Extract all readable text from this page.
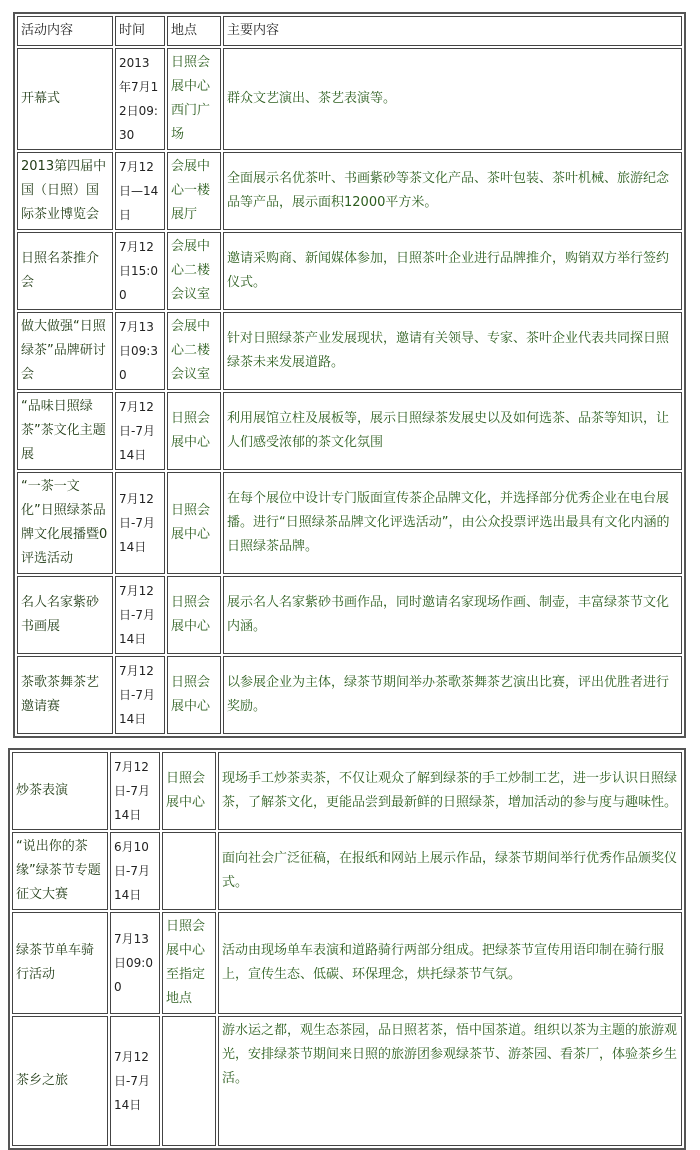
活动内容	时间	地点	主要内容
开幕式	2013年7月12日09:30	日照会展中心西门广场	群众文艺演出、茶艺表演等。
2013第四届中国（日照）国际茶业博览会	7月12日—14日	会展中心一楼展厅	全面展示名优茶叶、书画紫砂等茶文化产品、茶叶包装、茶叶机械、旅游纪念品等产品，展示面积12000平方米。
日照名茶推介会	7月12日15:00	会展中心二楼会议室	邀请采购商、新闻媒体参加，日照茶叶企业进行品牌推介，购销双方举行签约仪式。
做大做强“日照绿茶”品牌研讨会	7月13日09:30	会展中心二楼会议室	针对日照绿茶产业发展现状，邀请有关领导、专家、茶叶企业代表共同探日照绿茶未来发展道路。
“品味日照绿茶”茶文化主题展	7月12日-7月14日	日照会展中心	利用展馆立柱及展板等，展示日照绿茶发展史以及如何选茶、品茶等知识，让人们感受浓郁的茶文化氛围
“一茶一文化”日照绿茶品牌文化展播暨0评选活动	7月12日-7月14日	日照会展中心	在每个展位中设计专门版面宣传茶企品牌文化，并选择部分优秀企业在电台展播。进行“日照绿茶品牌文化评选活动”，由公众投票评选出最具有文化内涵的日照绿茶品牌。
名人名家紫砂书画展	7月12日-7月14日	日照会展中心	展示名人名家紫砂书画作品，同时邀请名家现场作画、制壶，丰富绿茶节文化内涵。
茶歌茶舞茶艺邀请赛	7月12日-7月14日	日照会展中心	以参展企业为主体，绿茶节期间举办茶歌茶舞茶艺演出比赛，评出优胜者进行奖励。
炒茶表演	7月12日-7月14日	日照会展中心	现场手工炒茶卖茶，不仅让观众了解到绿茶的手工炒制工艺，进一步认识日照绿茶，了解茶文化，更能品尝到最新鲜的日照绿茶，增加活动的参与度与趣味性。
“说出你的茶缘”绿茶节专题征文大赛	6月10日-7月14日		面向社会广泛征稿，在报纸和网站上展示作品，绿茶节期间举行优秀作品颁奖仪式。
绿茶节单车骑行活动	7月13日09:00	日照会展中心至指定地点	活动由现场单车表演和道路骑行两部分组成。把绿茶节宣传用语印制在骑行服上，宣传生态、低碳、环保理念，烘托绿茶节气氛。
茶乡之旅	7月12日-7月14日		游水运之都，观生态茶园，品日照茗茶，悟中国茶道。组织以茶为主题的旅游观光，安排绿茶节期间来日照的旅游团参观绿茶节、游茶园、看茶厂，体验茶乡生活。
